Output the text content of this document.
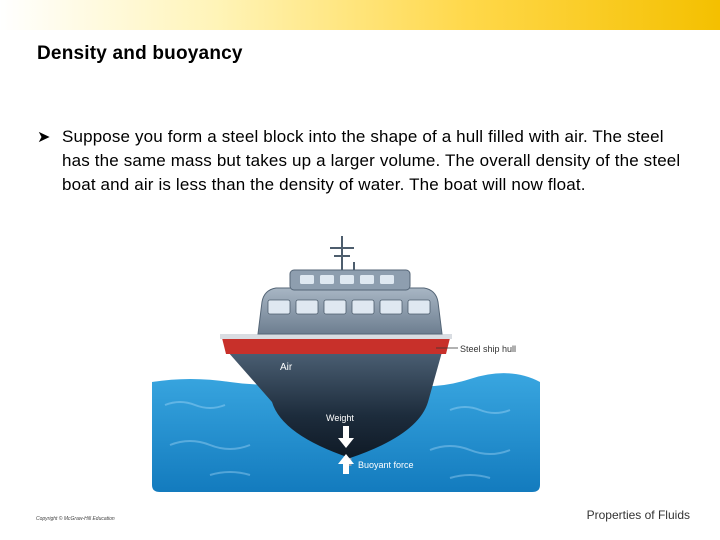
Density and buoyancy
➤ Suppose you form a steel block into the shape of a hull filled with air. The steel has the same mass but takes up a larger volume. The overall density of the steel boat and air is less than the density of water. The boat will now float.
Steel ship hull
Air
Weight
Buoyant force
Copyright © McGraw-Hill Education	Properties of Fluids
